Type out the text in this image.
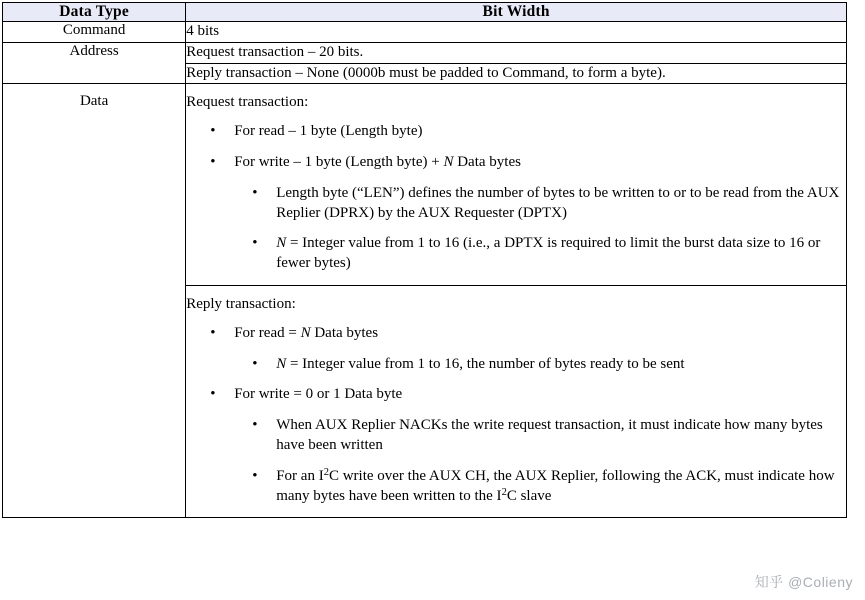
Data Type	Bit Width
Command	4 bits
Address	Request transaction – 20 bits.
	Reply transaction – None (0000b must be padded to Command, to form a byte).
Data	Request transaction:

• For read – 1 byte (Length byte)
• For write – 1 byte (Length byte) + N Data bytes
• Length byte (“LEN”) defines the number of bytes to be written to or to be read from the AUX Replier (DPRX) by the AUX Requester (DPTX)
• N = Integer value from 1 to 16 (i.e., a DPTX is required to limit the burst data size to 16 or fewer bytes)

Reply transaction:

• For read = N Data bytes
• N = Integer value from 1 to 16, the number of bytes ready to be sent
• For write = 0 or 1 Data byte
• When AUX Replier NACKs the write request transaction, it must indicate how many bytes have been written
• For an $I^2C$ write over the AUX CH, the AUX Replier, following the ACK, must indicate how many bytes have been written to the $I^2C$ slave
知乎 @Colieny
